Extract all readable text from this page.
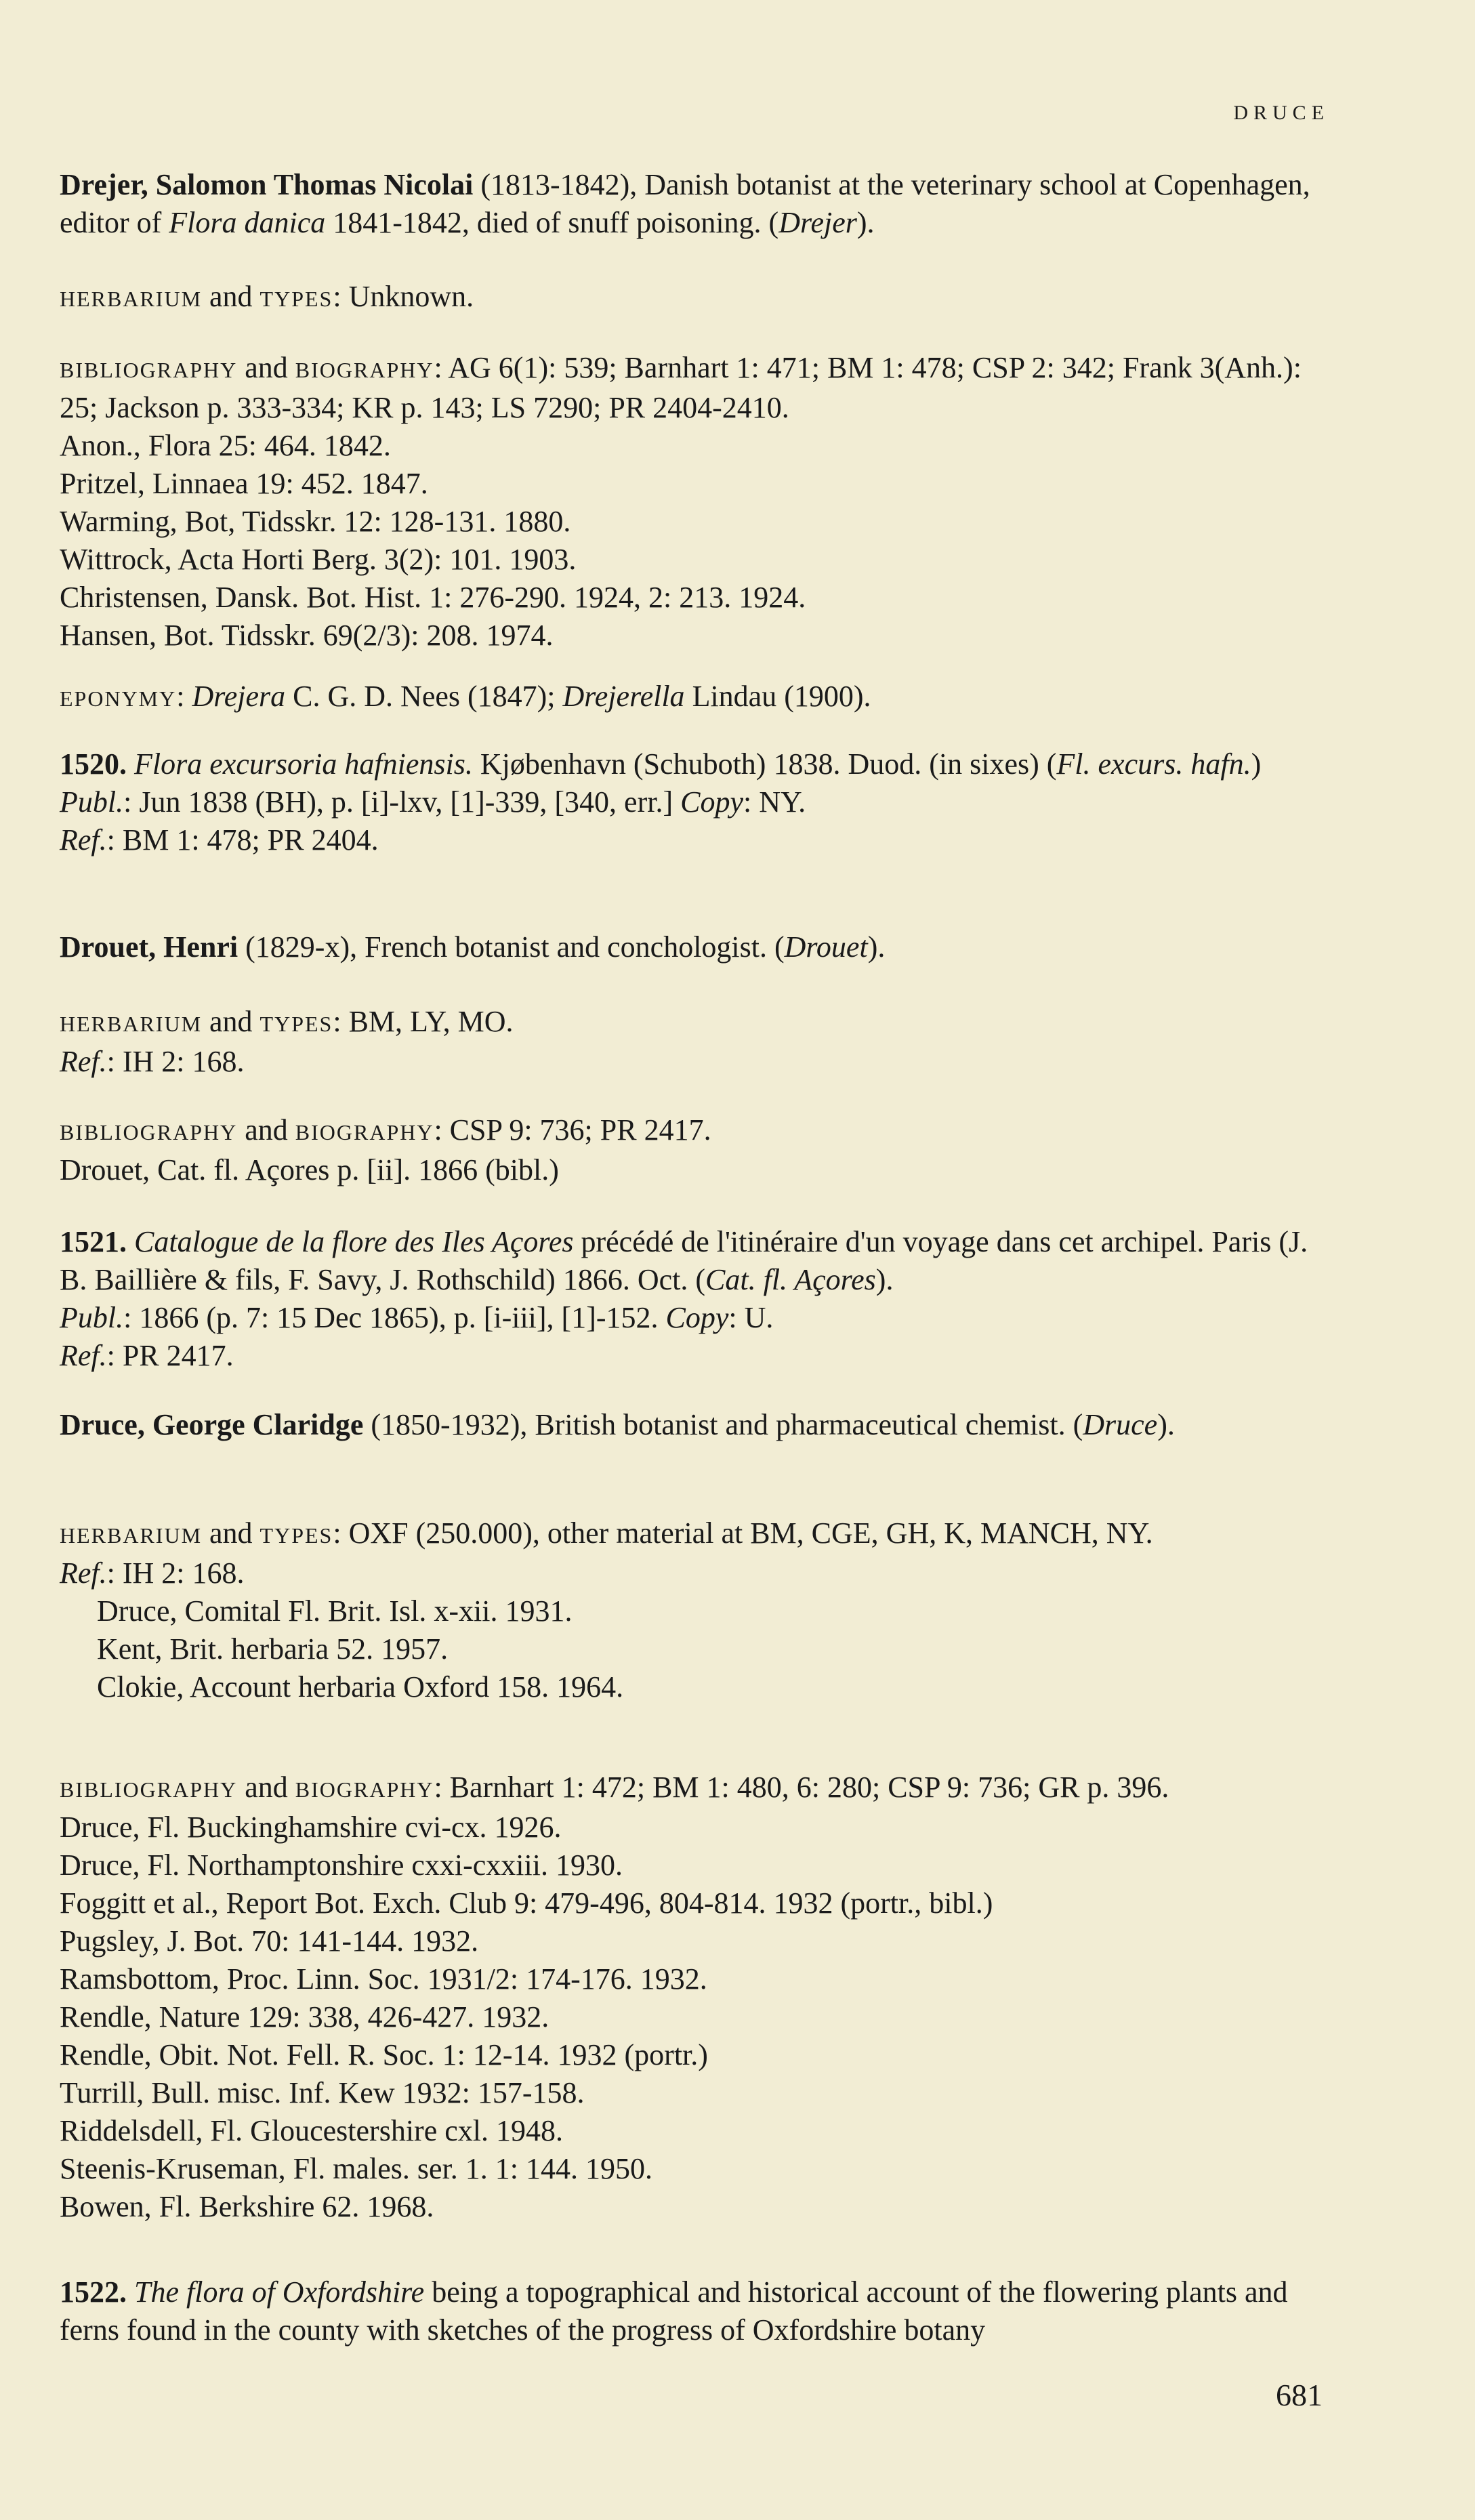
DRUCE

Drejer, Salomon Thomas Nicolai (1813-1842), Danish botanist at the veterinary school at Copenhagen, editor of Flora danica 1841-1842, died of snuff poisoning. (Drejer).

HERBARIUM and TYPES: Unknown.

BIBLIOGRAPHY and BIOGRAPHY: AG 6(1): 539; Barnhart 1: 471; BM 1: 478; CSP 2: 342; Frank 3(Anh.): 25; Jackson p. 333-334; KR p. 143; LS 7290; PR 2404-2410.

Anon., Flora 25: 464. 1842.

Pritzel, Linnaea 19: 452. 1847.

Warming, Bot, Tidsskr. 12: 128-131. 1880.

Wittrock, Acta Horti Berg. 3(2): 101. 1903.

Christensen, Dansk. Bot. Hist. 1: 276-290. 1924, 2: 213. 1924.

Hansen, Bot. Tidsskr. 69(2/3): 208. 1974.

EPONYMY: Drejera C. G. D. Nees (1847); Drejerella Lindau (1900).

1520. Flora excursoria hafniensis. Kjøbenhavn (Schuboth) 1838. Duod. (in sixes) (Fl. excurs. hafn.)

Publ.: Jun 1838 (BH), p. [i]-lxv, [1]-339, [340, err.] Copy: NY.

Ref.: BM 1: 478; PR 2404.

Drouet, Henri (1829-x), French botanist and conchologist. (Drouet).

HERBARIUM and TYPES: BM, LY, MO.

Ref.: IH 2: 168.

BIBLIOGRAPHY and BIOGRAPHY: CSP 9: 736; PR 2417.

Drouet, Cat. fl. Açores p. [ii]. 1866 (bibl.)

1521. Catalogue de la flore des Iles Açores précédé de l'itinéraire d'un voyage dans cet archipel. Paris (J. B. Baillière & fils, F. Savy, J. Rothschild) 1866. Oct. (Cat. fl. Açores).

Publ.: 1866 (p. 7: 15 Dec 1865), p. [i-iii], [1]-152. Copy: U.

Ref.: PR 2417.

Druce, George Claridge (1850-1932), British botanist and pharmaceutical chemist. (Druce).

HERBARIUM and TYPES: OXF (250.000), other material at BM, CGE, GH, K, MANCH, NY.

Ref.: IH 2: 168.

Druce, Comital Fl. Brit. Isl. x-xii. 1931.

Kent, Brit. herbaria 52. 1957.

Clokie, Account herbaria Oxford 158. 1964.

BIBLIOGRAPHY and BIOGRAPHY: Barnhart 1: 472; BM 1: 480, 6: 280; CSP 9: 736; GR p. 396.

Druce, Fl. Buckinghamshire cvi-cx. 1926.

Druce, Fl. Northamptonshire cxxi-cxxiii. 1930.

Foggitt et al., Report Bot. Exch. Club 9: 479-496, 804-814. 1932 (portr., bibl.)

Pugsley, J. Bot. 70: 141-144. 1932.

Ramsbottom, Proc. Linn. Soc. 1931/2: 174-176. 1932.

Rendle, Nature 129: 338, 426-427. 1932.

Rendle, Obit. Not. Fell. R. Soc. 1: 12-14. 1932 (portr.)

Turrill, Bull. misc. Inf. Kew 1932: 157-158.

Riddelsdell, Fl. Gloucestershire cxl. 1948.

Steenis-Kruseman, Fl. males. ser. 1. 1: 144. 1950.

Bowen, Fl. Berkshire 62. 1968.

1522. The flora of Oxfordshire being a topographical and historical account of the flowering plants and ferns found in the county with sketches of the progress of Oxfordshire botany

681
